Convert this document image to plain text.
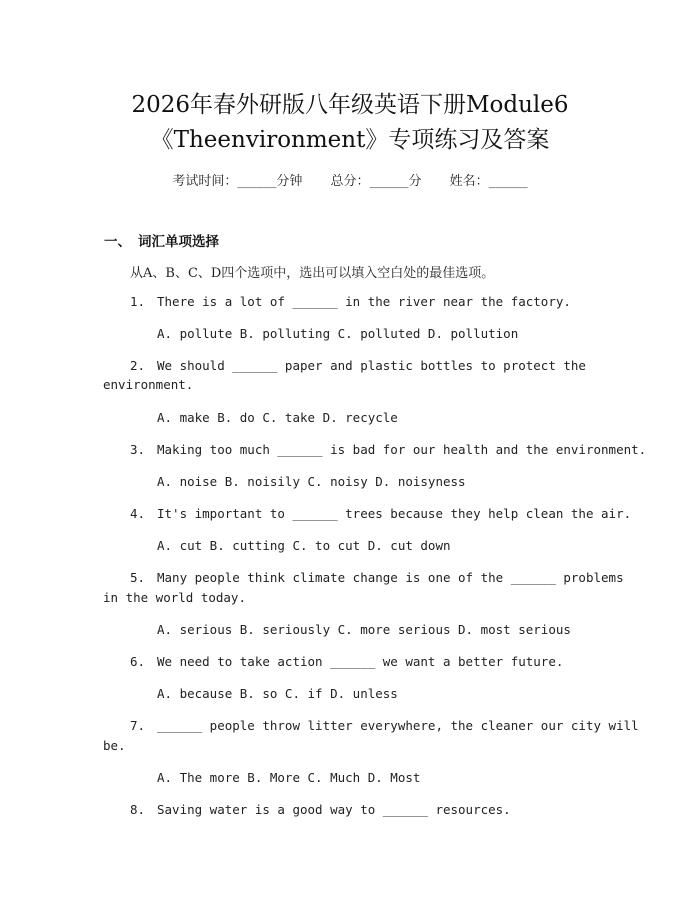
2026年春外研版八年级英语下册Module6
《Theenvironment》专项练习及答案
考试时间：______分钟 总分：______分 姓名：______
一、 词汇单项选择
从A、B、C、D四个选项中，选出可以填入空白处的最佳选项。
1. There is a lot of ______ in the river near the factory.
A. pollute B. polluting C. polluted D. pollution
2. We should ______ paper and plastic bottles to protect the
environment.
A. make B. do C. take D. recycle
3. Making too much ______ is bad for our health and the environment.
A. noise B. noisily C. noisy D. noisyness
4. It's important to ______ trees because they help clean the air.
A. cut B. cutting C. to cut D. cut down
5. Many people think climate change is one of the ______ problems
in the world today.
A. serious B. seriously C. more serious D. most serious
6. We need to take action ______ we want a better future.
A. because B. so C. if D. unless
7. ______ people throw litter everywhere, the cleaner our city will
be.
A. The more B. More C. Much D. Most
8. Saving water is a good way to ______ resources.
